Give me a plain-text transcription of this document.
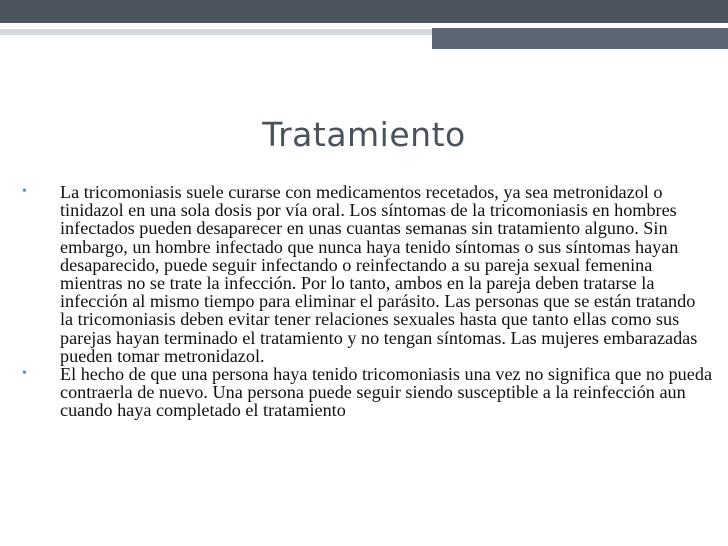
Tratamiento
• La tricomoniasis suele curarse con medicamentos recetados, ya sea metronidazol o tinidazol en una sola dosis por vía oral. Los síntomas de la tricomoniasis en hombres infectados pueden desaparecer en unas cuantas semanas sin tratamiento alguno. Sin embargo, un hombre infectado que nunca haya tenido síntomas o sus síntomas hayan desaparecido, puede seguir infectando o reinfectando a su pareja sexual femenina mientras no se trate la infección. Por lo tanto, ambos en la pareja deben tratarse la infección al mismo tiempo para eliminar el parásito. Las personas que se están tratando la tricomoniasis deben evitar tener relaciones sexuales hasta que tanto ellas como sus parejas hayan terminado el tratamiento y no tengan síntomas. Las mujeres embarazadas pueden tomar metronidazol.
• El hecho de que una persona haya tenido tricomoniasis una vez no significa que no pueda contraerla de nuevo. Una persona puede seguir siendo susceptible a la reinfección aun cuando haya completado el tratamiento
